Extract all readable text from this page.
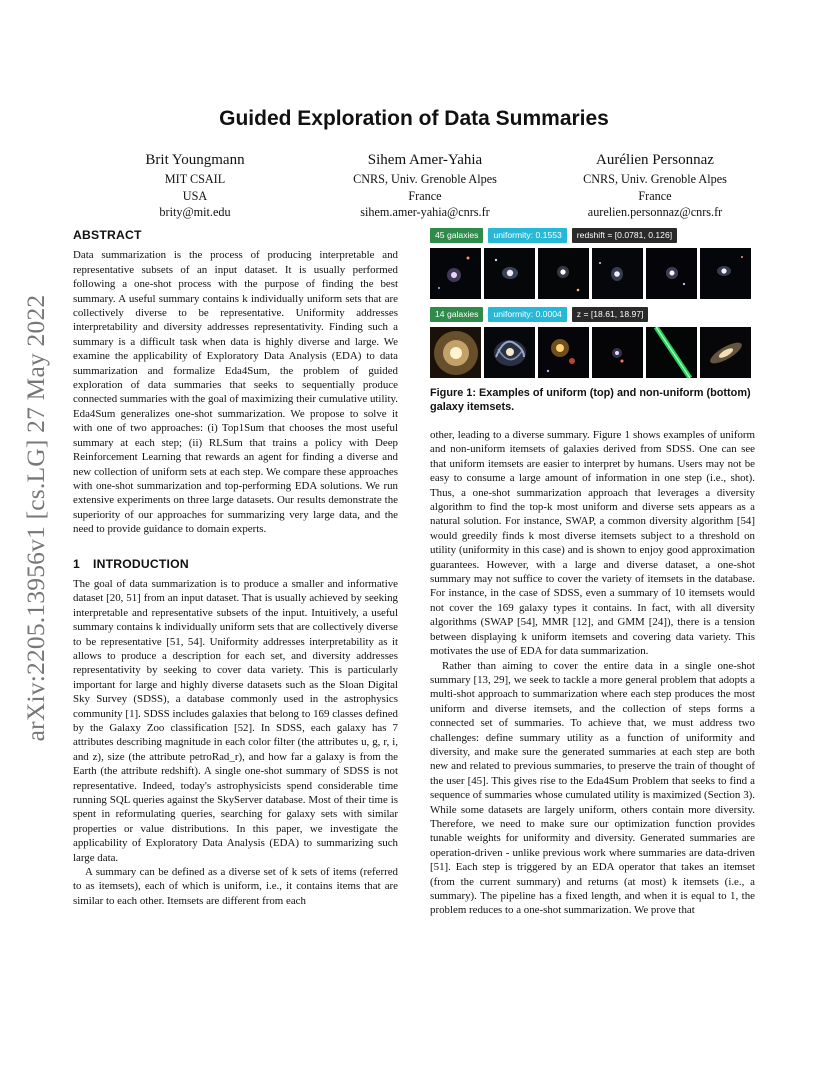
arXiv:2205.13956v1 [cs.LG] 27 May 2022
Guided Exploration of Data Summaries
Brit Youngmann
MIT CSAIL
USA
brity@mit.edu
Sihem Amer-Yahia
CNRS, Univ. Grenoble Alpes
France
sihem.amer-yahia@cnrs.fr
Aurélien Personnaz
CNRS, Univ. Grenoble Alpes
France
aurelien.personnaz@cnrs.fr
ABSTRACT

Data summarization is the process of producing interpretable and representative subsets of an input dataset. It is usually performed following a one-shot process with the purpose of finding the best summary. A useful summary contains k individually uniform sets that are collectively diverse to be representative. Uniformity addresses interpretability and diversity addresses representativity. Finding such a summary is a difficult task when data is highly diverse and large. We examine the applicability of Exploratory Data Analysis (EDA) to data summarization and formalize Eda4Sum, the problem of guided exploration of data summaries that seeks to sequentially produce connected summaries with the goal of maximizing their cumulative utility. Eda4Sum generalizes one-shot summarization. We propose to solve it with one of two approaches: (i) Top1Sum that chooses the most useful summary at each step; (ii) RLSum that trains a policy with Deep Reinforcement Learning that rewards an agent for finding a diverse and new collection of uniform sets at each step. We compare these approaches with one-shot summarization and top-performing EDA solutions. We run extensive experiments on three large datasets. Our results demonstrate the superiority of our approaches for summarizing very large data, and the need to provide guidance to domain experts.

1 INTRODUCTION

The goal of data summarization is to produce a smaller and informative dataset [20, 51] from an input dataset. That is usually achieved by seeking interpretable and representative subsets of the input. Intuitively, a useful summary contains k individually uniform sets that are collectively diverse to be representative [51, 54]. Uniformity addresses interpretability as it allows to produce a description for each set, and diversity addresses representativity by seeking to cover data variety. This is particularly important for large and highly diverse datasets such as the Sloan Digital Sky Survey (SDSS), a database commonly used in the astrophysics community [1]. SDSS includes galaxies that belong to 169 classes defined by the Galaxy Zoo classification [52]. In SDSS, each galaxy has 7 attributes describing magnitude in each color filter (the attributes u, g, r, i, and z), size (the attribute petroRad_r), and how far a galaxy is from the Earth (the attribute redshift). A single one-shot summary of SDSS is not representative. Indeed, today's astrophysicists spend considerable time running SQL queries against the SkyServer database. Most of their time is spent in reformulating queries, searching for galaxy sets with similar properties or value distributions. In this paper, we investigate the applicability of Exploratory Data Analysis (EDA) to summarizing such large data.

A summary can be defined as a diverse set of k sets of items (referred to as itemsets), each of which is uniform, i.e., it contains items that are similar to each other. Itemsets are different from each

45 galaxies	uniformity: 0.1553	redshift = [0.0781, 0.126]
14 galaxies	uniformity: 0.0004	z = [18.61, 18.97]
Figure 1: Examples of uniform (top) and non-uniform (bottom) galaxy itemsets.

other, leading to a diverse summary. Figure 1 shows examples of uniform and non-uniform itemsets of galaxies derived from SDSS. One can see that uniform itemsets are easier to interpret by humans. Users may not be easy to consume a large amount of information in one step (i.e., shot). Thus, a one-shot summarization approach that leverages a diversity algorithm to find the top-k most uniform and diverse sets appears as a natural solution. For instance, SWAP, a common diversity algorithm [54] would greedily finds k most diverse itemsets subject to a threshold on utility (uniformity in this case) and is shown to enjoy good approximation guarantees. However, with a large and diverse dataset, a one-shot summary may not suffice to cover the variety of itemsets in the database. For instance, in the case of SDSS, even a summary of 10 itemsets would not cover the 169 galaxy types it contains. In fact, with all diversity algorithms (SWAP [54], MMR [12], and GMM [24]), there is a tension between displaying k uniform itemsets and covering data variety. This motivates the use of EDA for data summarization.

Rather than aiming to cover the entire data in a single one-shot summary [13, 29], we seek to tackle a more general problem that adopts a multi-shot approach to summarization where each step produces the most uniform and diverse itemsets, and the collection of steps forms a connected set of summaries. To achieve that, we must address two challenges: define summary utility as a function of uniformity and diversity, and make sure the generated summaries at each step are both new and related to previous summaries, to preserve the train of thought of the user [45]. This gives rise to the Eda4Sum Problem that seeks to find a sequence of summaries whose cumulated utility is maximized (Section 3). While some datasets are largely uniform, others contain more diversity. Therefore, we need to make sure our optimization function provides tunable weights for uniformity and diversity. Generated summaries are operation-driven - unlike previous work where summaries are data-driven [51]. Each step is triggered by an EDA operator that takes an itemset (from the current summary) and returns (at most) k itemsets (i.e., a summary). The pipeline has a fixed length, and when it is equal to 1, the problem reduces to a one-shot summarization. We prove that
